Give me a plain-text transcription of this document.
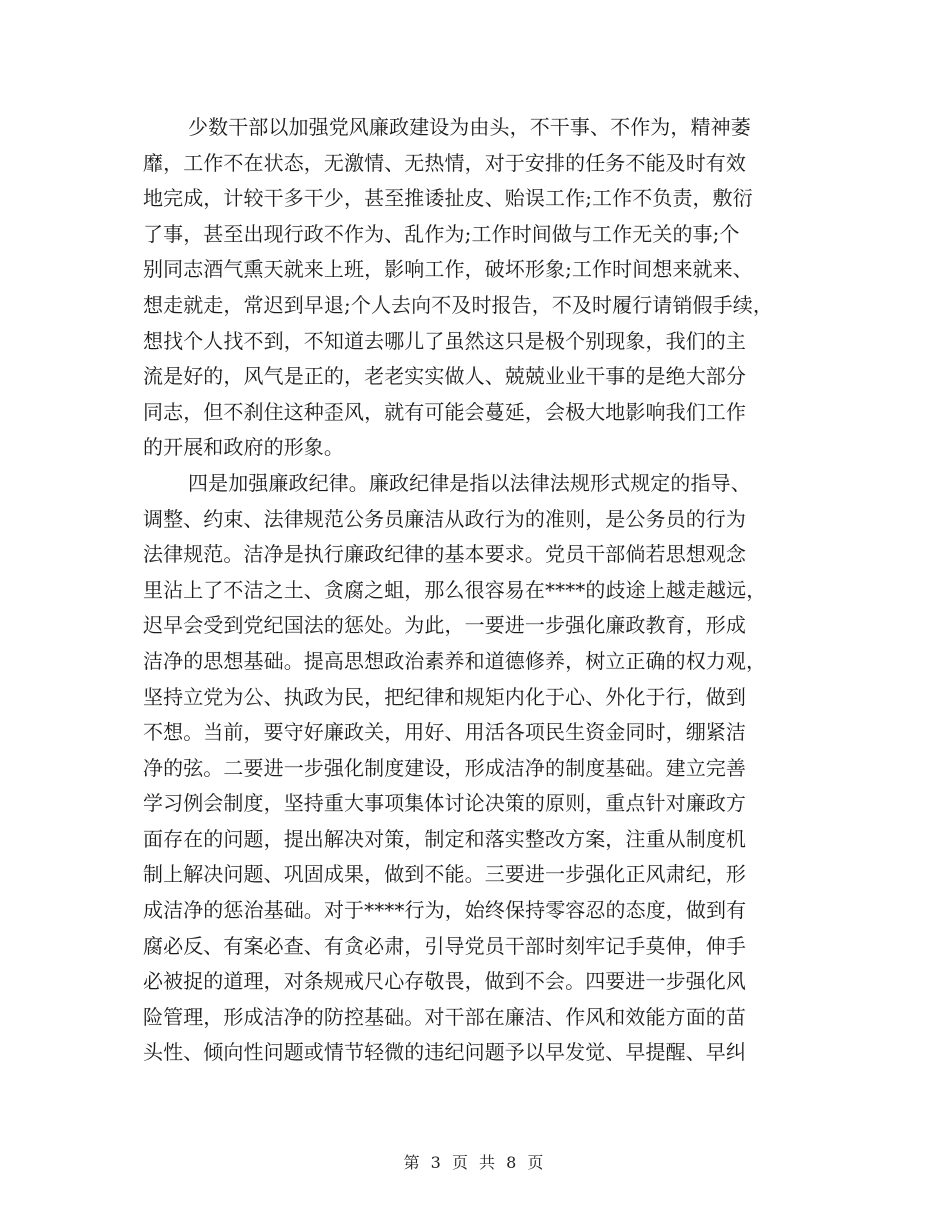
少数干部以加强党风廉政建设为由头，不干事、不作为，精神萎
靡，工作不在状态，无激情、无热情，对于安排的任务不能及时有效
地完成，计较干多干少，甚至推诿扯皮、贻误工作;工作不负责，敷衍
了事，甚至出现行政不作为、乱作为;工作时间做与工作无关的事;个
别同志酒气熏天就来上班，影响工作，破坏形象;工作时间想来就来、
想走就走，常迟到早退;个人去向不及时报告，不及时履行请销假手续，
想找个人找不到，不知道去哪儿了虽然这只是极个别现象，我们的主
流是好的，风气是正的，老老实实做人、兢兢业业干事的是绝大部分
同志，但不刹住这种歪风，就有可能会蔓延，会极大地影响我们工作
的开展和政府的形象。
四是加强廉政纪律。廉政纪律是指以法律法规形式规定的指导、
调整、约束、法律规范公务员廉洁从政行为的准则，是公务员的行为
法律规范。洁净是执行廉政纪律的基本要求。党员干部倘若思想观念
里沾上了不洁之土、贪腐之蛆，那么很容易在****的歧途上越走越远，
迟早会受到党纪国法的惩处。为此，一要进一步强化廉政教育，形成
洁净的思想基础。提高思想政治素养和道德修养，树立正确的权力观，
坚持立党为公、执政为民，把纪律和规矩内化于心、外化于行，做到
不想。当前，要守好廉政关，用好、用活各项民生资金同时，绷紧洁
净的弦。二要进一步强化制度建设，形成洁净的制度基础。建立完善
学习例会制度，坚持重大事项集体讨论决策的原则，重点针对廉政方
面存在的问题，提出解决对策，制定和落实整改方案，注重从制度机
制上解决问题、巩固成果，做到不能。三要进一步强化正风肃纪，形
成洁净的惩治基础。对于****行为，始终保持零容忍的态度，做到有
腐必反、有案必查、有贪必肃，引导党员干部时刻牢记手莫伸，伸手
必被捉的道理，对条规戒尺心存敬畏，做到不会。四要进一步强化风
险管理，形成洁净的防控基础。对干部在廉洁、作风和效能方面的苗
头性、倾向性问题或情节轻微的违纪问题予以早发觉、早提醒、早纠
第 3 页 共 8 页
